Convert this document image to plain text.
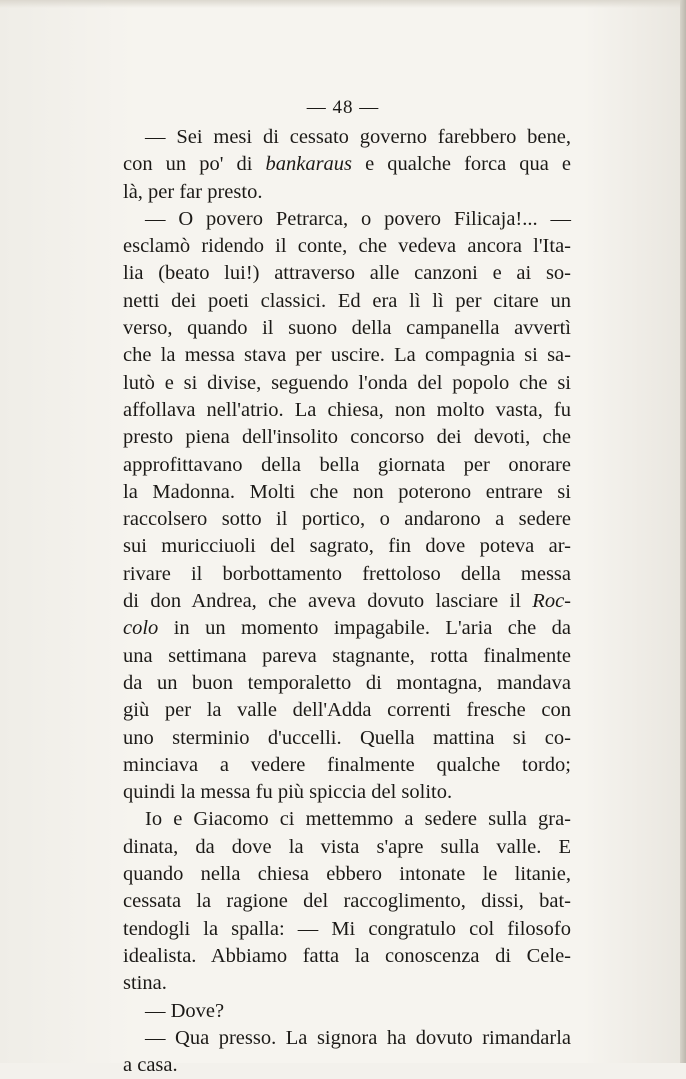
— 48 —
— Sei mesi di cessato governo farebbero bene,
con un po' di bankaraus e qualche forca qua e
là, per far presto.
— O povero Petrarca, o povero Filicaja!... —
esclamò ridendo il conte, che vedeva ancora l'Ita-
lia (beato lui!) attraverso alle canzoni e ai so-
netti dei poeti classici. Ed era lì lì per citare un
verso, quando il suono della campanella avvertì
che la messa stava per uscire. La compagnia si sa-
lutò e si divise, seguendo l'onda del popolo che si
affollava nell'atrio. La chiesa, non molto vasta, fu
presto piena dell'insolito concorso dei devoti, che
approfittavano della bella giornata per onorare
la Madonna. Molti che non poterono entrare si
raccolsero sotto il portico, o andarono a sedere
sui muricciuoli del sagrato, fin dove poteva ar-
rivare il borbottamento frettoloso della messa
di don Andrea, che aveva dovuto lasciare il Roc-
colo in un momento impagabile. L'aria che da
una settimana pareva stagnante, rotta finalmente
da un buon temporaletto di montagna, mandava
giù per la valle dell'Adda correnti fresche con
uno sterminio d'uccelli. Quella mattina si co-
minciava a vedere finalmente qualche tordo;
quindi la messa fu più spiccia del solito.
Io e Giacomo ci mettemmo a sedere sulla gra-
dinata, da dove la vista s'apre sulla valle. E
quando nella chiesa ebbero intonate le litanie,
cessata la ragione del raccoglimento, dissi, bat-
tendogli la spalla: — Mi congratulo col filosofo
idealista. Abbiamo fatta la conoscenza di Cele-
stina.
— Dove?
— Qua presso. La signora ha dovuto rimandarla
a casa.
